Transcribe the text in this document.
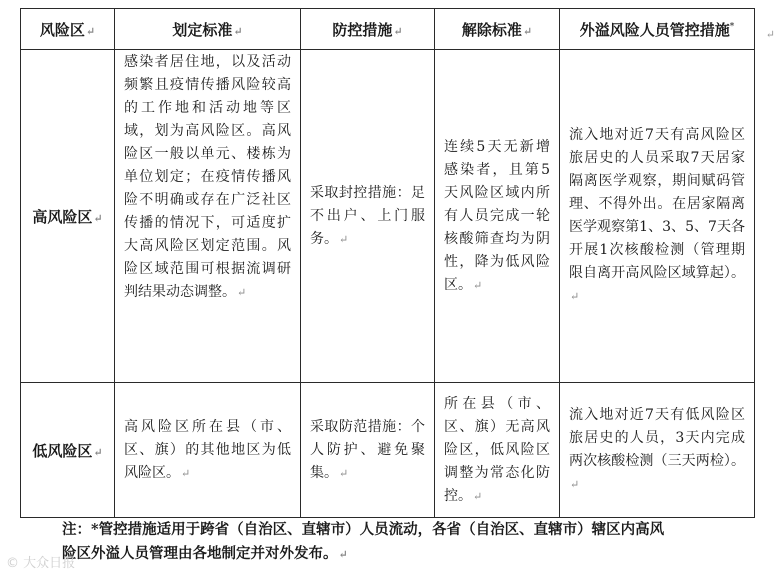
风险区↵	划定标准↵	防控措施↵	解除标准↵	外溢风险人员管控措施*
高风险区↵	感染者居住地，以及活动频繁且疫情传播风险较高的工作地和活动地等区域，划为高风险区。高风险区一般以单元、楼栋为单位划定；在疫情传播风险不明确或存在广泛社区传播的情况下，可适度扩大高风险区划定范围。风险区域范围可根据流调研判结果动态调整。↵	采取封控措施：足不出户、上门服务。↵	连续5天无新增感染者，且第5天风险区域内所有人员完成一轮核酸筛查均为阴性，降为低风险区。↵	流入地对近7天有高风险区旅居史的人员采取7天居家隔离医学观察，期间赋码管理、不得外出。在居家隔离医学观察第1、3、5、7天各开展1次核酸检测（管理期限自离开高风险区域算起）。↵
低风险区↵	高风险区所在县（市、区、旗）的其他地区为低风险区。↵	采取防范措施：个人防护、避免聚集。↵	所在县（市、区、旗）无高风险区，低风险区调整为常态化防控。↵	流入地对近7天有低风险区旅居史的人员，3天内完成两次核酸检测（三天两检）。↵
↵
注：*管控措施适用于跨省（自治区、直辖市）人员流动，各省（自治区、直辖市）辖区内高风
险区外溢人员管理由各地制定并对外发布。↵
© 大众日报
